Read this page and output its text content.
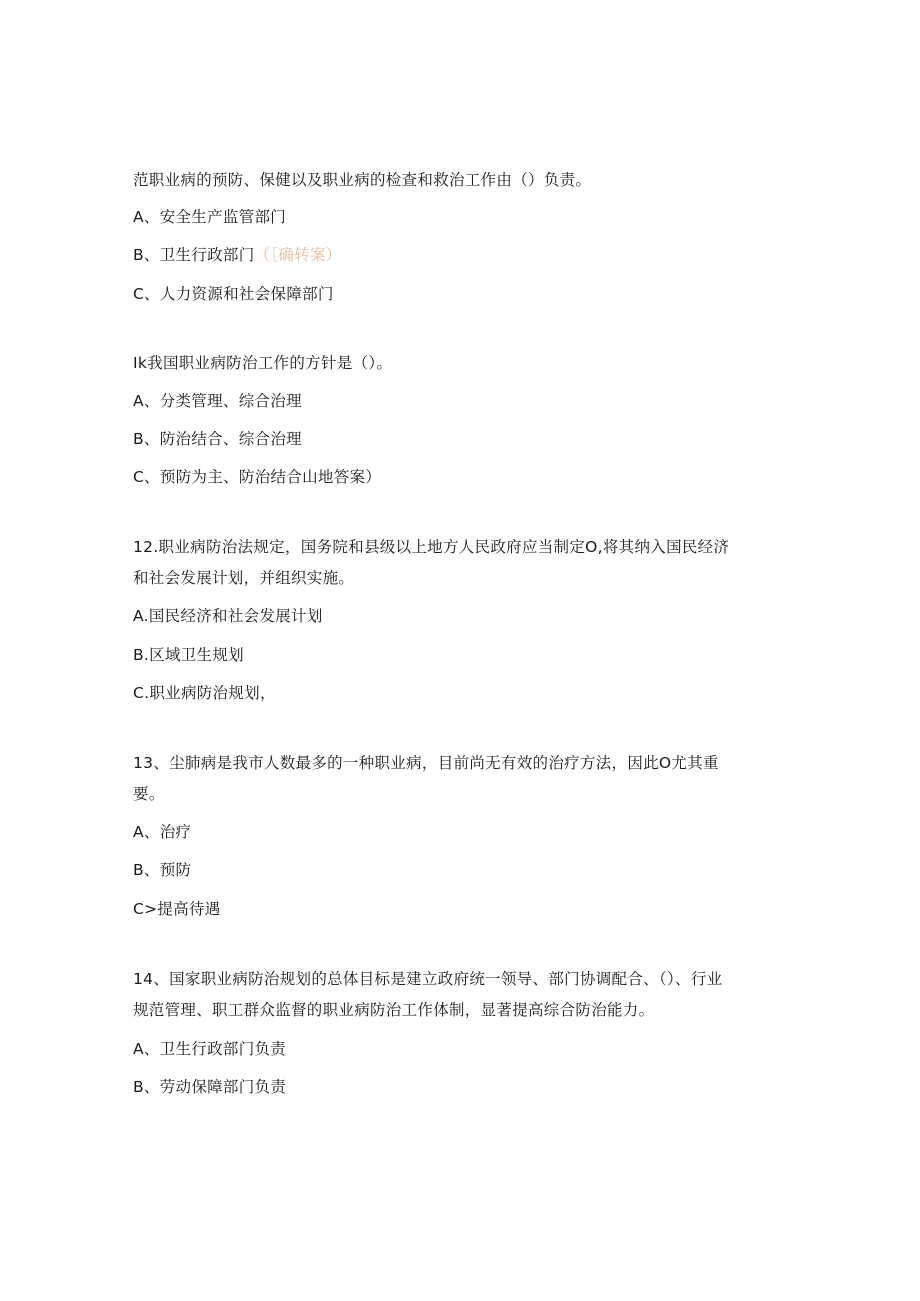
范职业病的预防、保健以及职业病的检查和救治工作由（）负责。
A、安全生产监管部门
B、卫生行政部门（［确转案）
C、人力资源和社会保障部门
Ik我国职业病防治工作的方针是（）。
A、分类管理、综合治理
B、防治结合、综合治理
C、预防为主、防治结合山地答案）
12.职业病防治法规定，国务院和县级以上地方人民政府应当制定O,将其纳入国民经济
和社会发展计划，并组织实施。
A.国民经济和社会发展计划
B.区域卫生规划
C.职业病防治规划，
13、尘肺病是我市人数最多的一种职业病，目前尚无有效的治疗方法，因此O尤其重
要。
A、治疗
B、预防
C>提高待遇
14、国家职业病防治规划的总体目标是建立政府统一领导、部门协调配合、（）、行业
规范管理、职工群众监督的职业病防治工作体制，显著提高综合防治能力。
A、卫生行政部门负责
B、劳动保障部门负责
